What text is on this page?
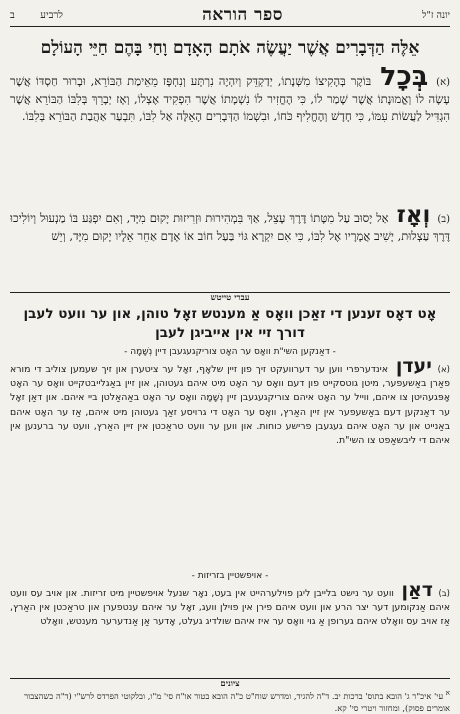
יונה ז"ל
ספר הוראה
לרביע        ב
אֵלֶּה הַדְּבָרִים אֲשֶׁר יַעֲשֶׂה אֹתָם הָאָדָם וָחַי בָּהֶם חַיֵּי הָעוֹלָם

(א) בְּכָל בּוֹקֶר בְּהָקִיצוֹ מִשְּׁנָתוֹ, יְדַקְדֵּק וְיִהְיֶה נִרְתָּע וְנִחְפָּז מֵאֵימַת הַבּוֹרֵא, וּבָרוּר חַסְדּוֹ אֲשֶׁר עָשָׂה לוֹ וְאֱמוּנָתוֹ אֲשֶׁר שָׁמַר לוֹ, כִּי הֶחֱזִיר לוֹ נִשְׁמָתוֹ אֲשֶׁר הִפְקִיד אֶצְלוֹ, וְאָז יְבָרֵךְ בְּלִבּוֹ הַבּוֹרֵא אֲשֶׁר הִגְדִּיל לַעֲשׂוֹת עִמּוֹ, כִּי חָדָשׁ וְהֶחֱלִיף כֹּחוֹ, וּבִשְׁמוֹ הַדְּבָרִים הָאֵלֶּה אַל לִבּוֹ, תִּבְעַר אַהֲבַת הַבּוֹרֵא בְּלִבּוֹ.

(ב) וְאָז אַל יָסוּב עַל מִטָּתוֹ דֶּרֶךְ עָצֵל, אַךְ בִּמְהִירוּת וּזְרִיזוּת יָקוּם מִיָּד, וְאִם יִפְגַּע בּוֹ מַנְעוּל וְיוֹלִיכוּ דֶּרֶךְ עַצְלוּת, יָשִׁיב אֲמָרָיו אֶל לִבּוֹ, כִּי אִם יִקְרָא גּוֹי בַּעַל חוֹב אוֹ אָדָם אַחֵר אֵלָיו יָקוּם מִיָּד, וְיֵשׁ

עברי טייטש
אָט דאָס זענען די זאַכן וואָס אַ מענטש זאָל טוהן, און ער וועט לעבן דורך זיי אין אייביגן לעבן
- דאַנקען השי"ת וואָס ער האָט צוריקגעגעבן דיין נְשָׁמָה -

(א) יעדן אינדערפרי ווען ער דערוועקט זיך פון זיין שלאָף, זאָל ער ציטערן און זיך שעמען צוליב די מורא פאַרן באַשעפער, מיטן גוטסקייט פון דעם וואָס ער האָט מיט איהם געטוהן, און זיין באַגלייבטקייט וואָס ער האָט אָפּגעהיטן צו איהם, ווייל ער האָט איהם צוריקגעגעבן זיין נְשָׁמָה וואָס ער האָט באַהאַלטן ביי איהם. און דאַן זאָל ער דאַנקען דעם באַשעפער אין זיין האַרץ, וואָס ער האָט די גרויסע זאַך געטוהן מיט איהם, אַז ער האָט איהם באַנייט און ער האָט איהם געגעבן פרישע כוחות. און ווען ער וועט טראַכטן אין זיין האַרץ, וועט ער ברענען אין איהם די ליבשאַפט צו השי"ת.

- אויפשטיין בזריזות -

(ב) דאַן וועט ער נישט בלייבן ליגן פוילערהייט אין בעט, נאָר שנעל אויפשטיין מיט זריזות. און אויב עס וועט איהם אַנקומען דער יצר הרע און וועט איהם פירן אין פוילן וועג, זאָל ער איהם ענטפערן און טראַכטן אין האַרץ, אַז אויב עס וואָלט איהם גערופן אַ גוי וואָס ער איז איהם שולדיג געלט, אָדער אַן אַנדערער מענטש, וואָלט

ציונים

$^א$ עי' איכ"ר ג' הובא בתוס' ברכות יב. ד"ה להגיד, ומדרש שוח"ט כ"ה הובא בטור או"ח סי' מ"ו, ובלקוטי הפרדס לרש"י (ד"ה כשהצבור אומרים פסוק), ומחזור ויטרי סי' קא.
